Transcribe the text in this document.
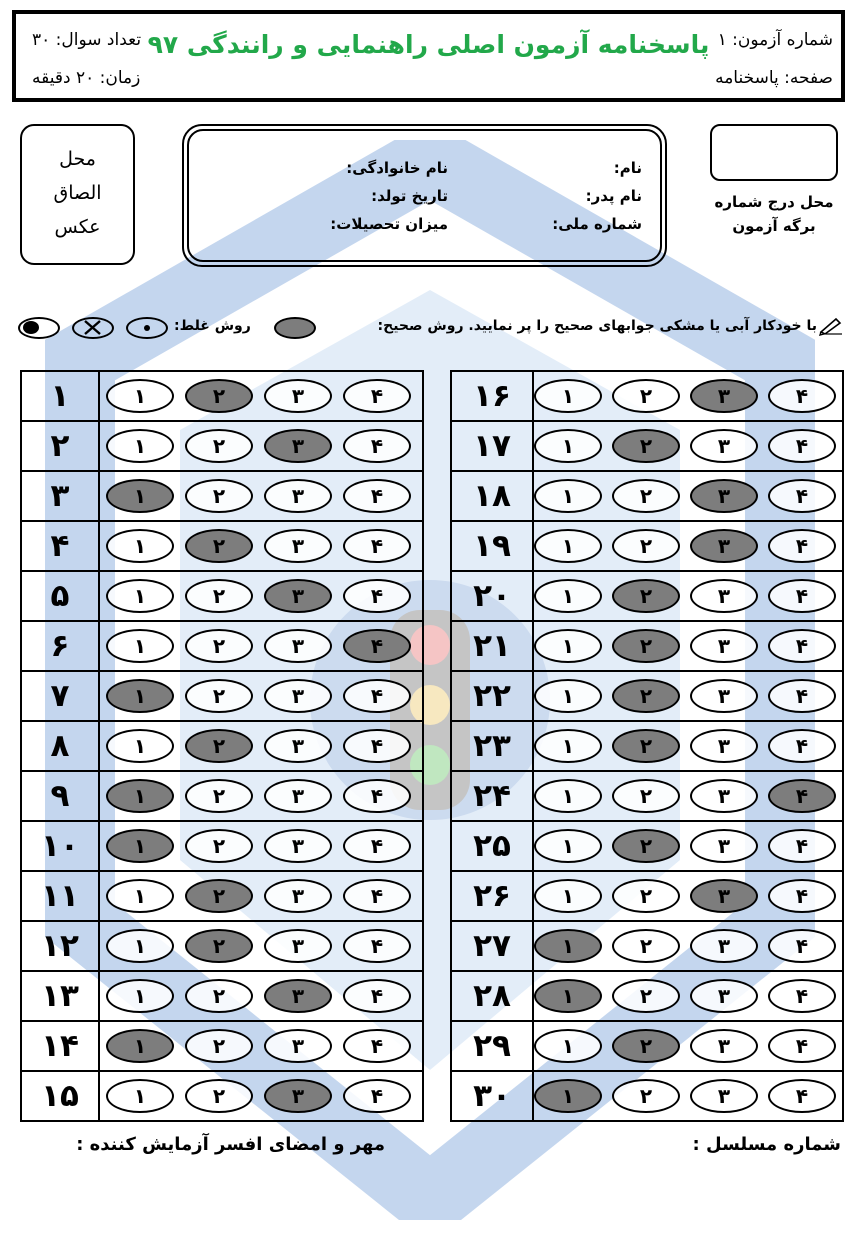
پاسخنامه آزمون اصلی راهنمایی و رانندگی ۹۷ شماره آزمون: ۱
صفحه: پاسخنامه
تعداد سوال: ۳۰
زمان: ۲۰ دقیقه
محل
الصاق
عکس
نام:
نام خانوادگی:
نام پدر:
تاریخ تولد:
شماره ملی:
میزان تحصیلات:
محل درج شماره
برگه آزمون
با خودکار آبی یا مشکی جوابهای صحیح را پر نمایید. روش صحیح:
روش غلط:
۱	۱	۲	۳	۴
۲	۱	۲	۳	۴
۳	۱	۲	۳	۴
۴	۱	۲	۳	۴
۵	۱	۲	۳	۴
۶	۱	۲	۳	۴
۷	۱	۲	۳	۴
۸	۱	۲	۳	۴
۹	۱	۲	۳	۴
۱۰	۱	۲	۳	۴
۱۱	۱	۲	۳	۴
۱۲	۱	۲	۳	۴
۱۳	۱	۲	۳	۴
۱۴	۱	۲	۳	۴
۱۵	۱	۲	۳	۴
۱۶	۱	۲	۳	۴
۱۷	۱	۲	۳	۴
۱۸	۱	۲	۳	۴
۱۹	۱	۲	۳	۴
۲۰	۱	۲	۳	۴
۲۱	۱	۲	۳	۴
۲۲	۱	۲	۳	۴
۲۳	۱	۲	۳	۴
۲۴	۱	۲	۳	۴
۲۵	۱	۲	۳	۴
۲۶	۱	۲	۳	۴
۲۷	۱	۲	۳	۴
۲۸	۱	۲	۳	۴
۲۹	۱	۲	۳	۴
۳۰	۱	۲	۳	۴
شماره مسلسل :
مهر و امضای افسر آزمایش کننده :
